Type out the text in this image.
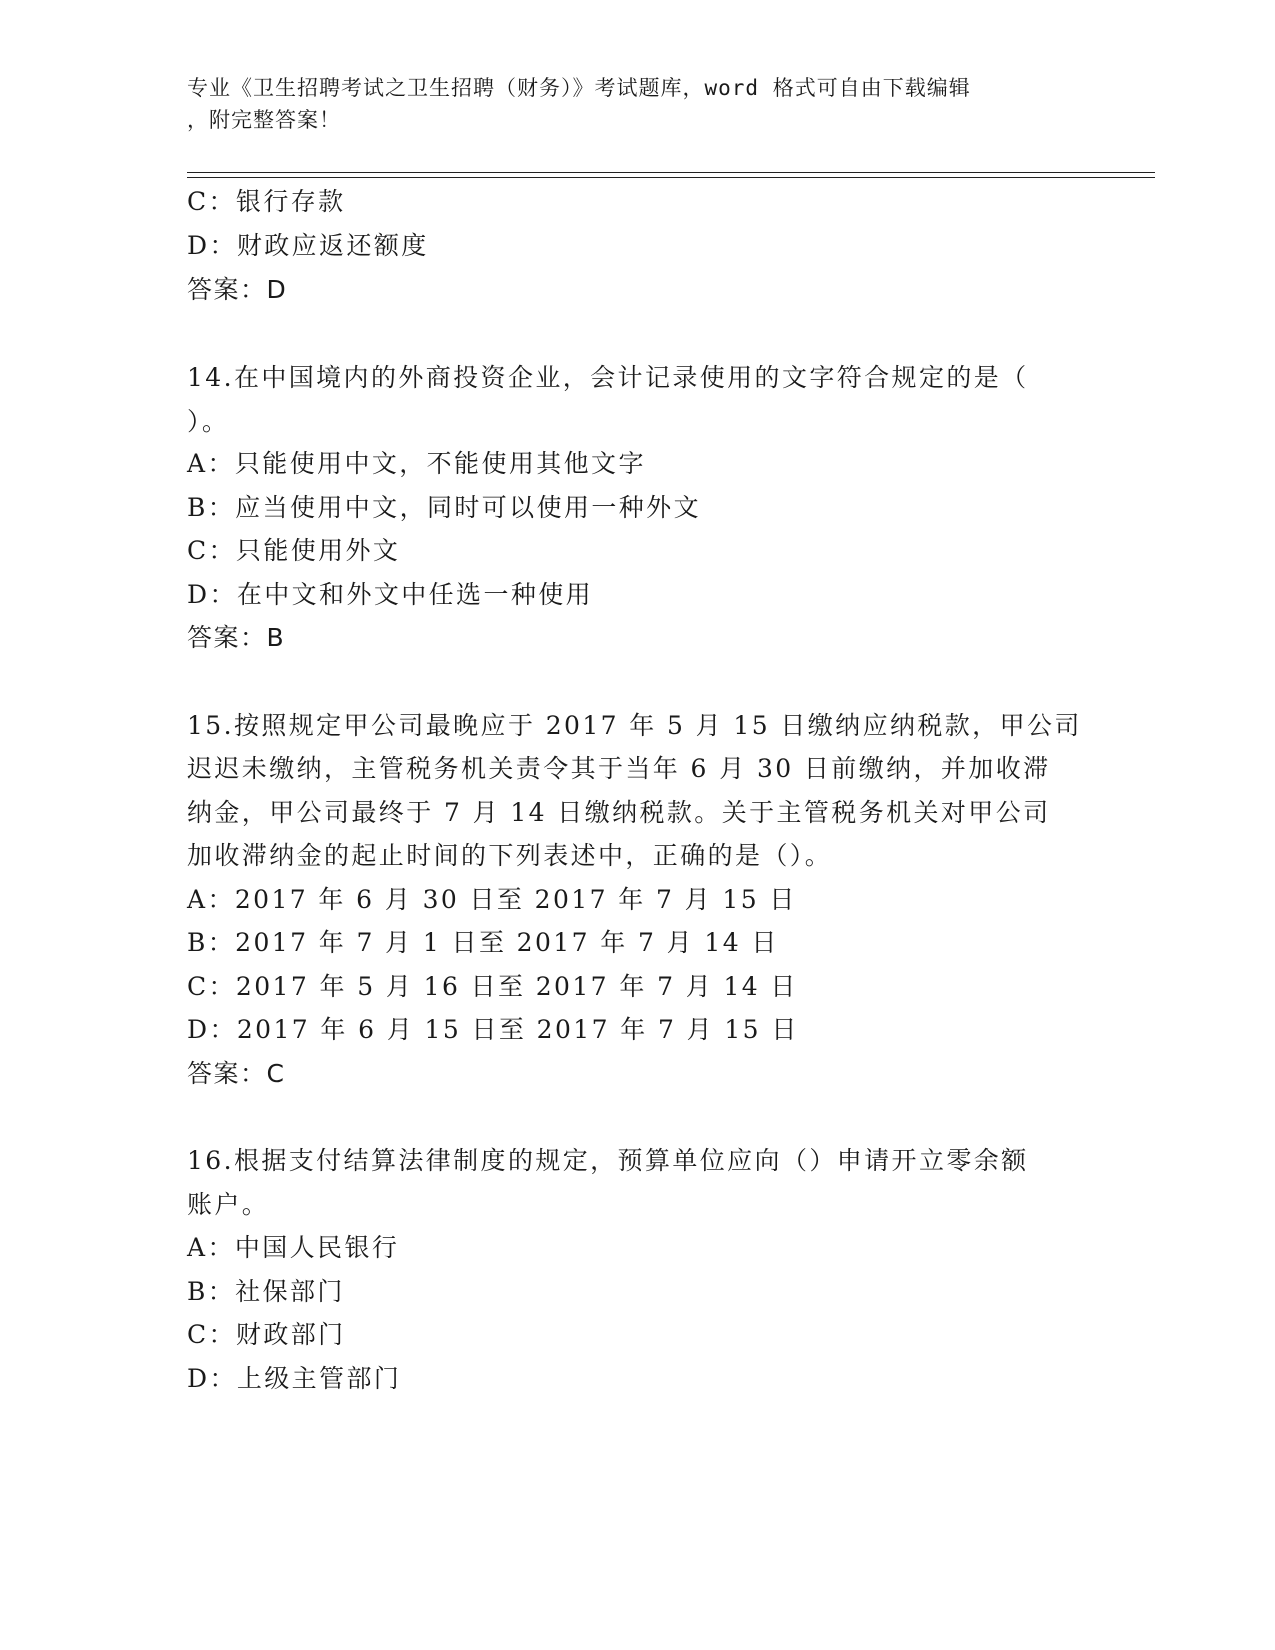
专业《卫生招聘考试之卫生招聘（财务）》考试题库，word 格式可自由下载编辑
，附完整答案！
C：银行存款
D：财政应返还额度
答案：D
14.在中国境内的外商投资企业，会计记录使用的文字符合规定的是（
）。
A：只能使用中文，不能使用其他文字
B：应当使用中文，同时可以使用一种外文
C：只能使用外文
D：在中文和外文中任选一种使用
答案：B
15.按照规定甲公司最晚应于 2017 年 5 月 15 日缴纳应纳税款，甲公司
迟迟未缴纳，主管税务机关责令其于当年 6 月 30 日前缴纳，并加收滞
纳金，甲公司最终于 7 月 14 日缴纳税款。关于主管税务机关对甲公司
加收滞纳金的起止时间的下列表述中，正确的是（）。
A：2017 年 6 月 30 日至 2017 年 7 月 15 日
B：2017 年 7 月 1 日至 2017 年 7 月 14 日
C：2017 年 5 月 16 日至 2017 年 7 月 14 日
D：2017 年 6 月 15 日至 2017 年 7 月 15 日
答案：C
16.根据支付结算法律制度的规定，预算单位应向（）申请开立零余额
账户。
A：中国人民银行
B：社保部门
C：财政部门
D：上级主管部门
